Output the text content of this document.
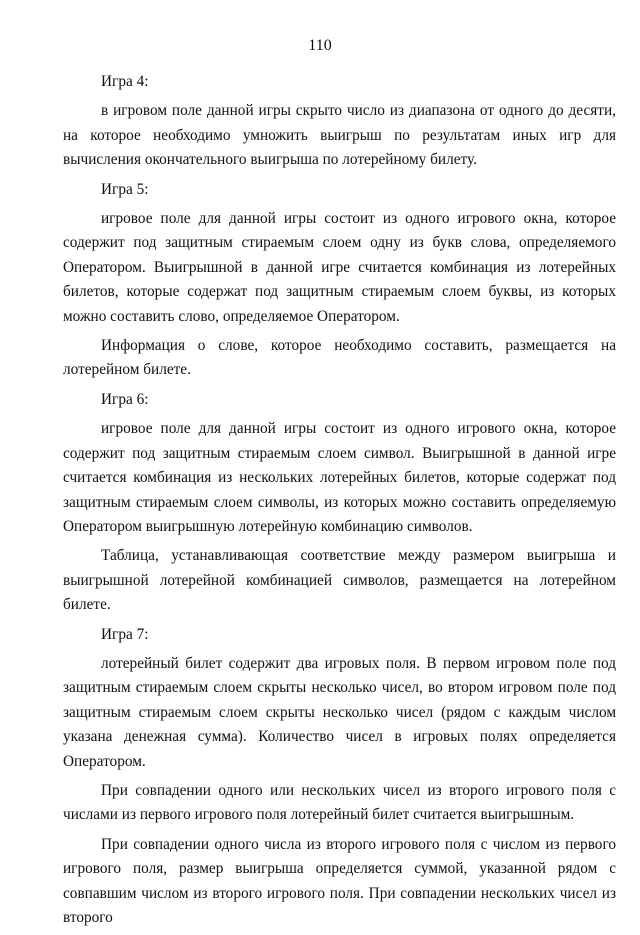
110

Игра 4:

в игровом поле данной игры скрыто число из диапазона от одного до десяти, на которое необходимо умножить выигрыш по результатам иных игр для вычисления окончательного выигрыша по лотерейному билету.

Игра 5:

игровое поле для данной игры состоит из одного игрового окна, которое содержит под защитным стираемым слоем одну из букв слова, определяемого Оператором. Выигрышной в данной игре считается комбинация из лотерейных билетов, которые содержат под защитным стираемым слоем буквы, из которых можно составить слово, определяемое Оператором.

Информация о слове, которое необходимо составить, размещается на лотерейном билете.

Игра 6:

игровое поле для данной игры состоит из одного игрового окна, которое содержит под защитным стираемым слоем символ. Выигрышной в данной игре считается комбинация из нескольких лотерейных билетов, которые содержат под защитным стираемым слоем символы, из которых можно составить определяемую Оператором выигрышную лотерейную комбинацию символов.

Таблица, устанавливающая соответствие между размером выигрыша и выигрышной лотерейной комбинацией символов, размещается на лотерейном билете.

Игра 7:

лотерейный билет содержит два игровых поля. В первом игровом поле под защитным стираемым слоем скрыты несколько чисел, во втором игровом поле под защитным стираемым слоем скрыты несколько чисел (рядом с каждым числом указана денежная сумма). Количество чисел в игровых полях определяется Оператором.

При совпадении одного или нескольких чисел из второго игрового поля с числами из первого игрового поля лотерейный билет считается выигрышным.

При совпадении одного числа из второго игрового поля с числом из первого игрового поля, размер выигрыша определяется суммой, указанной рядом с совпавшим числом из второго игрового поля. При совпадении нескольких чисел из второго
